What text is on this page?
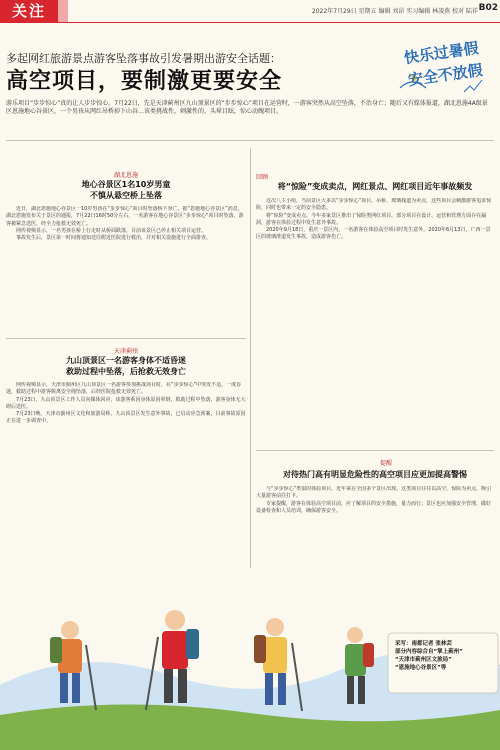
关注	2022年7月29日 星期五 编辑 刘昂 实习编辑 林凌燕 校对 陆祥 B02
多起网红旅游景点游客坠落事故引发暑期出游安全话题：
高空项目，要制激更要安全
快乐过暑假
安全不放假
游乐项目“步步惊心”真的让人步步惊心。7月22日，先是天津蓟州区九山顶景区的“步步惊心”项目在运营时，一游客突然从高空坠落，不治身亡；随后又有媒体报道，湖北恩施4A级景区恩施地心谷景区，一个男孩从网红吊桥掉下山谷…该类挑战性，刺激性的、头晕目眩，惊心动魄项目。
湖北恩施
地心谷景区1名10岁男童
不慎从悬空桥上坠落

近日，湖北恩施地心谷景区一10岁男孩在“步步惊心”项目时坠落桥下身亡，据“恩施地心谷景区”消息，湖北恩施发布关于景区的通报，7月22日16时50分左右，一名游客在地心谷景区“步步惊心”项目时坠落，游客被紧急送医，经全力抢救无效死亡。

网传视频显示，一名男孩在桥上行走时从桥面跌落，目前该景区已停止相关项目运营。

事故发生后，景区第一时间将通知送往附近医院进行救治，并对相关设施进行全面排查。

天津蓟州
九山顶景区一名游客身体不适昏迷
救助过程中坠落，后抢救无效身亡

网传视频显示，天津市蓟州区九山顶景区一名游客参加挑战项目时，在“步步惊心”中突发不适，一度昏迷，救助过程中游客脱离安全绳坠落，后经医院抢救无效死亡。

7月23日，九山顶景区工作人员向媒体回应，该游客系因身体原因晕倒，救助过程中坠落，游客身体无大碍后送医。

7月23日晚，天津市蓟州区文化和旅游局称，九山顶景区发生意外事故，已启动应急预案，目前事故原因正在进一步调查中。

回顾
将“惊险”变成卖点，网红景点、网红项目近年事故频发

这次八主小组，当前景区大多以“步步惊心”项目，吊桥，玻璃栈道为卖点，这些项目会刺激游客追求惊险，同时也带来一定的安全隐患。

将“惊险”变成卖点，今年多家景区推出了惊险类网红项目，部分项目在设计、运营和管理方面存在漏洞，游客在体验过程中发生意外事故。

2020年9月18日，重庆一景区内，一名游客在体验高空项目时发生意外。2020年6月13日，广西一景区的玻璃滑道发生事故，造成游客伤亡。

提醒
对待热门高有明显危险性的高空项目应更加提高警惕

与“步步惊心”类似的体验项目，近年来在全国多个景区出现。这类项目往往以高空、惊险为卖点，吸引大量游客前往打卡。

专家提醒，游客在体验高空项目前，应了解项目的安全措施，量力而行；景区也应加强安全管理，做好设备检查和人员培训，确保游客安全。

采写：南都记者 张林芸
部分内容综合自“掌上蓟州”
“天津市蓟州区文旅局”
“恩施地心谷景区”等
